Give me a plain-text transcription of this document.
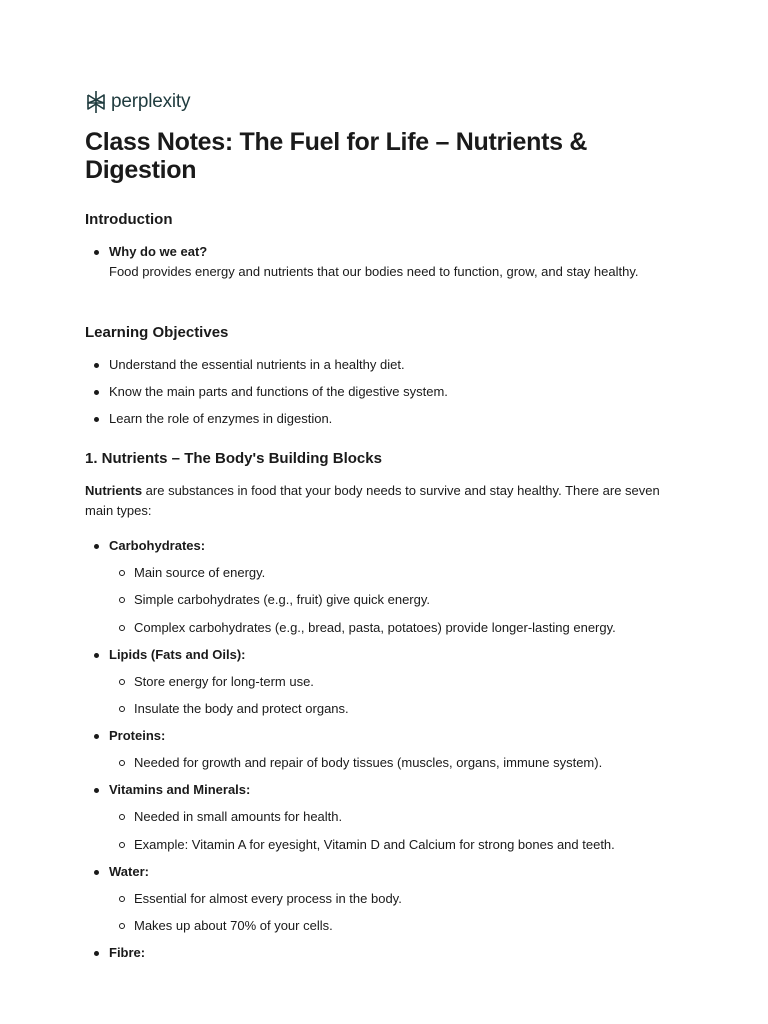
perplexity
Class Notes: The Fuel for Life – Nutrients & Digestion
Introduction
Why do we eat?
Food provides energy and nutrients that our bodies need to function, grow, and stay healthy.
Learning Objectives
Understand the essential nutrients in a healthy diet.
Know the main parts and functions of the digestive system.
Learn the role of enzymes in digestion.
1. Nutrients – The Body's Building Blocks
Nutrients are substances in food that your body needs to survive and stay healthy. There are seven main types:
Carbohydrates:
Main source of energy.
Simple carbohydrates (e.g., fruit) give quick energy.
Complex carbohydrates (e.g., bread, pasta, potatoes) provide longer-lasting energy.
Lipids (Fats and Oils):
Store energy for long-term use.
Insulate the body and protect organs.
Proteins:
Needed for growth and repair of body tissues (muscles, organs, immune system).
Vitamins and Minerals:
Needed in small amounts for health.
Example: Vitamin A for eyesight, Vitamin D and Calcium for strong bones and teeth.
Water:
Essential for almost every process in the body.
Makes up about 70% of your cells.
Fibre:
